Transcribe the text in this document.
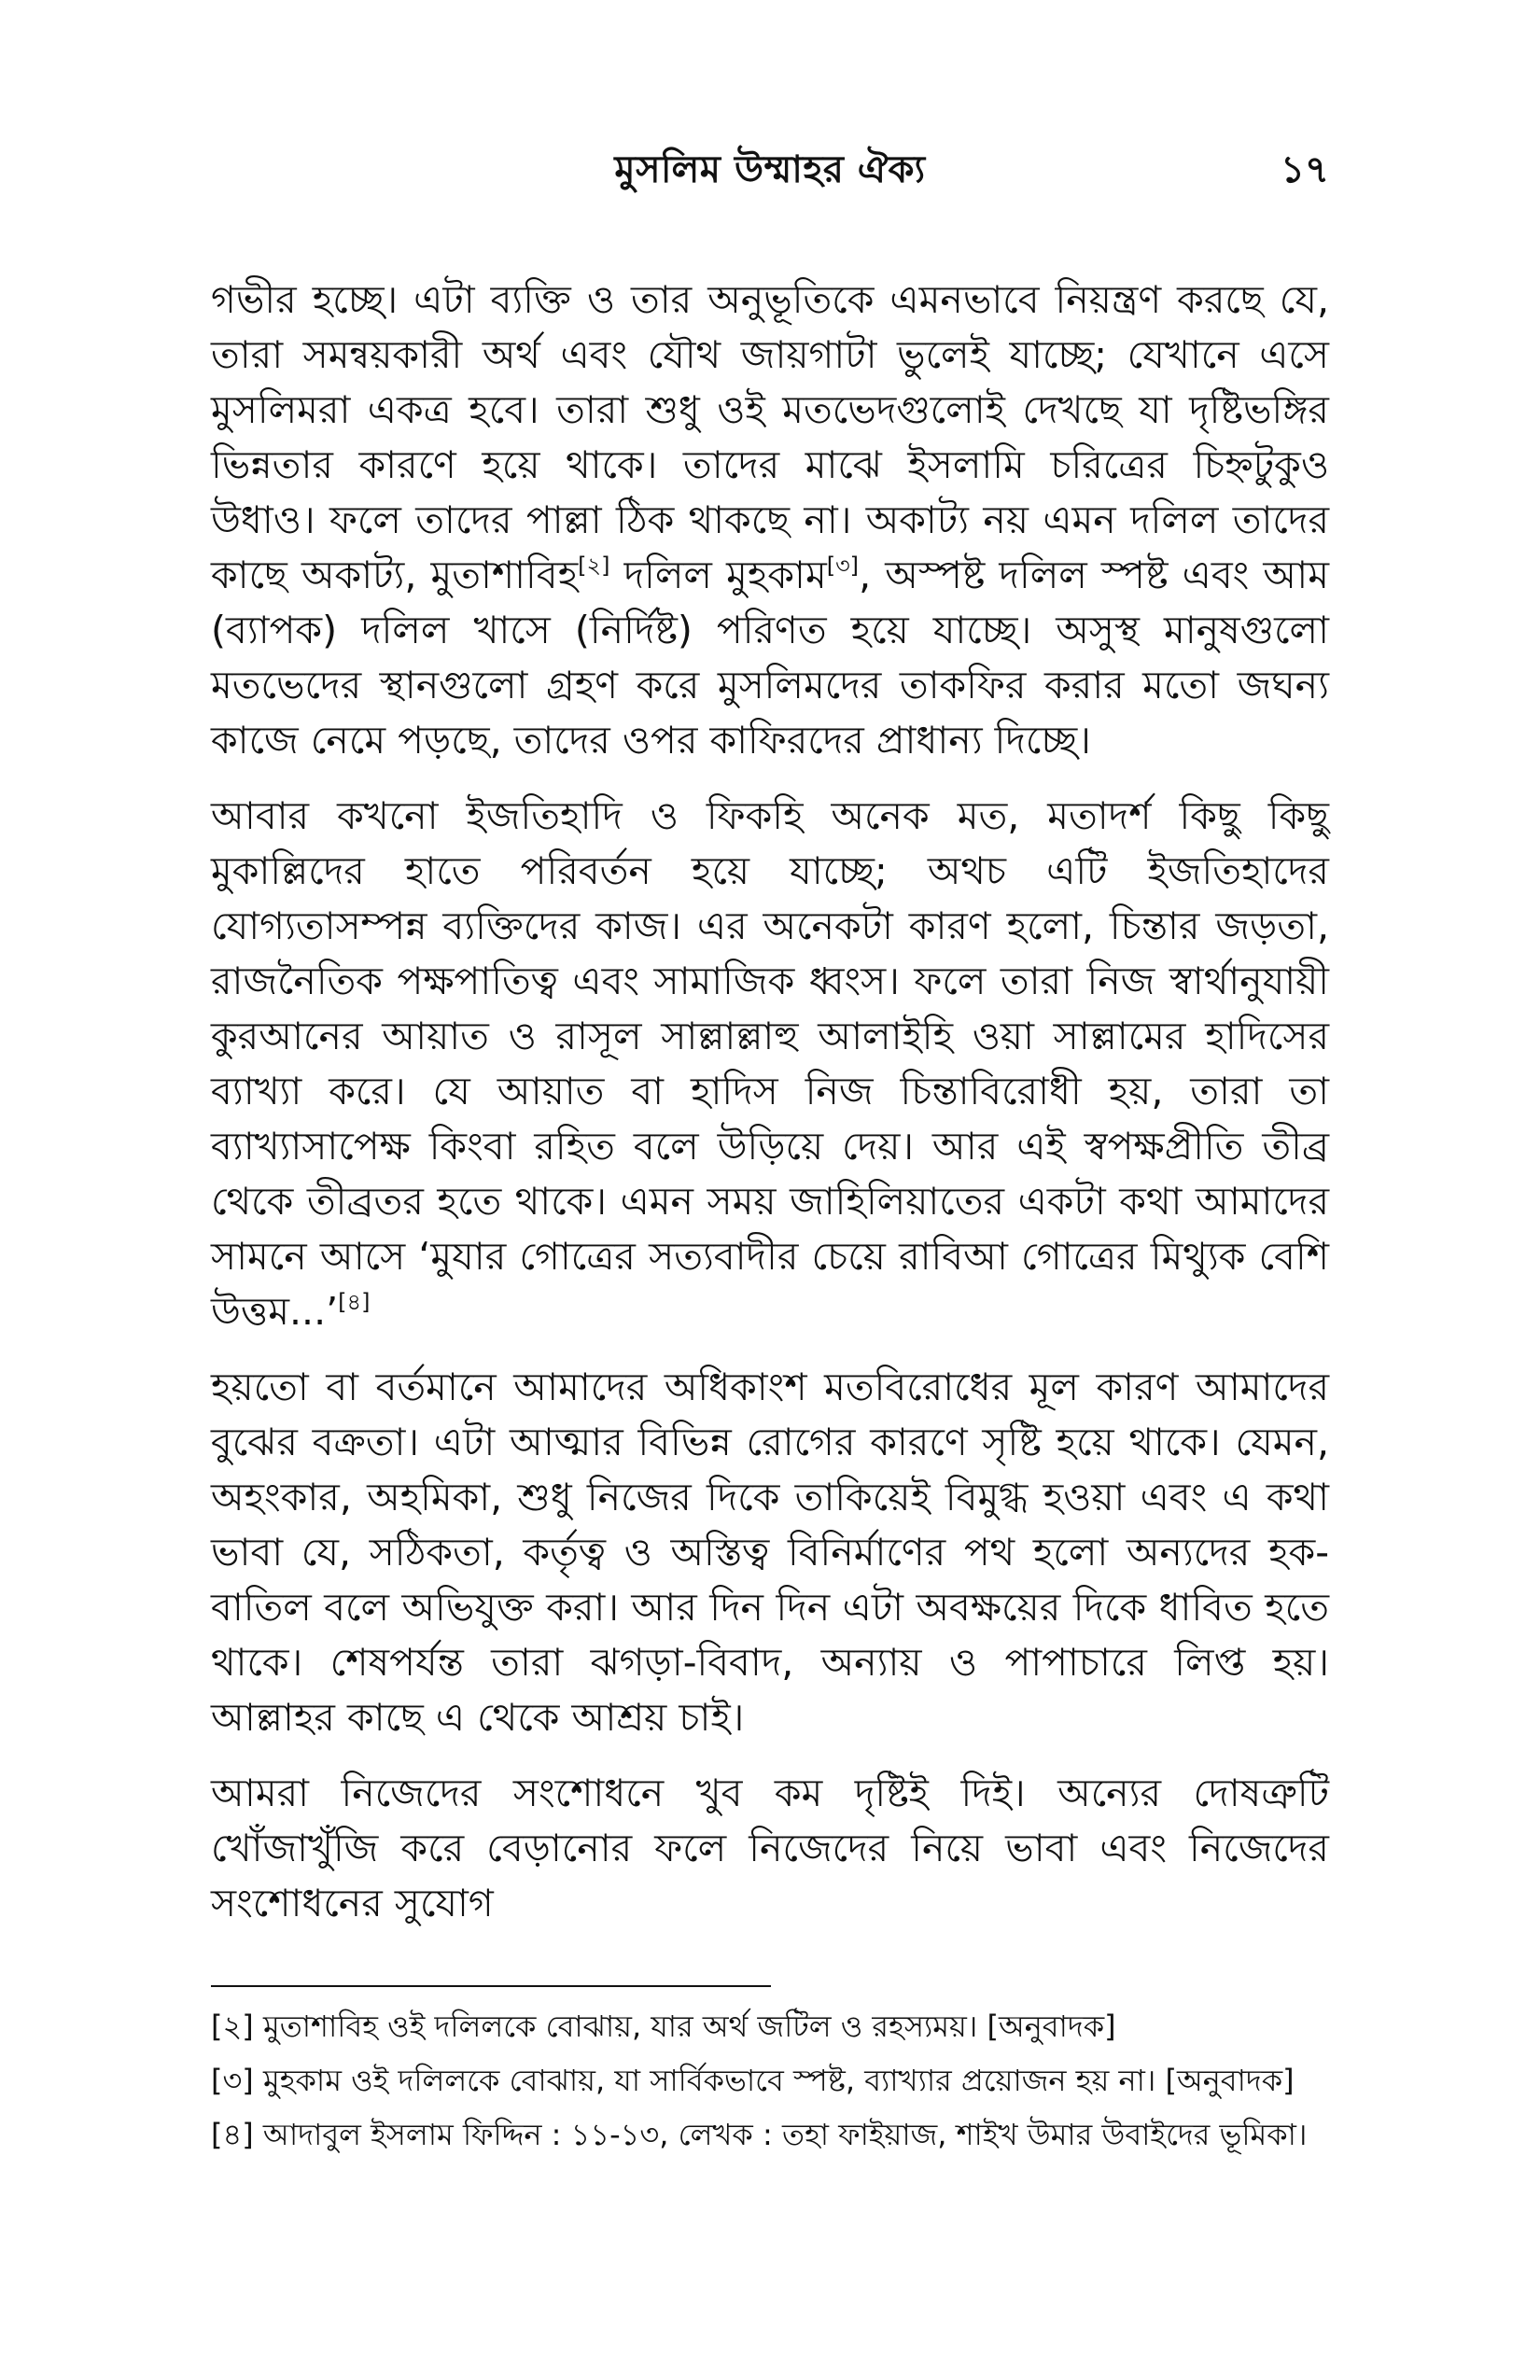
মুসলিম উম্মাহর ঐক্য	১৭

গভীর হচ্ছে। এটা ব্যক্তি ও তার অনুভূতিকে এমনভাবে নিয়ন্ত্রণ করছে যে, তারা সমন্বয়কারী অর্থ এবং যৌথ জায়গাটা ভুলেই যাচ্ছে; যেখানে এসে মুসলিমরা একত্র হবে। তারা শুধু ওই মতভেদগুলোই দেখছে যা দৃষ্টিভঙ্গির ভিন্নতার কারণে হয়ে থাকে। তাদের মাঝে ইসলামি চরিত্রের চিহ্নটুকুও উধাও। ফলে তাদের পাল্লা ঠিক থাকছে না। অকাট্য নয় এমন দলিল তাদের কাছে অকাট্য, মুতাশাবিহ[২] দলিল মুহকাম[৩], অস্পষ্ট দলিল স্পষ্ট এবং আম (ব্যাপক) দলিল খাসে (নির্দিষ্ট) পরিণত হয়ে যাচ্ছে। অসুস্থ মানুষগুলো মতভেদের স্থানগুলো গ্রহণ করে মুসলিমদের তাকফির করার মতো জঘন্য কাজে নেমে পড়ছে, তাদের ওপর কাফিরদের প্রাধান্য দিচ্ছে।

আবার কখনো ইজতিহাদি ও ফিকহি অনেক মত, মতাদর্শ কিছু কিছু মুকাল্লিদের হাতে পরিবর্তন হয়ে যাচ্ছে; অথচ এটি ইজতিহাদের যোগ্যতাসম্পন্ন ব্যক্তিদের কাজ। এর অনেকটা কারণ হলো, চিন্তার জড়তা, রাজনৈতিক পক্ষপাতিত্ব এবং সামাজিক ধ্বংস। ফলে তারা নিজ স্বার্থানুযায়ী কুরআনের আয়াত ও রাসূল সাল্লাল্লাহু আলাইহি ওয়া সাল্লামের হাদিসের ব্যাখ্যা করে। যে আয়াত বা হাদিস নিজ চিন্তাবিরোধী হয়, তারা তা ব্যাখ্যাসাপেক্ষ কিংবা রহিত বলে উড়িয়ে দেয়। আর এই স্বপক্ষপ্রীতি তীব্র থেকে তীব্রতর হতে থাকে। এমন সময় জাহিলিয়াতের একটা কথা আমাদের সামনে আসে ‘মুযার গোত্রের সত্যবাদীর চেয়ে রাবিআ গোত্রের মিথ্যুক বেশি উত্তম...’[৪]

হয়তো বা বর্তমানে আমাদের অধিকাংশ মতবিরোধের মূল কারণ আমাদের বুঝের বক্রতা। এটা আত্মার বিভিন্ন রোগের কারণে সৃষ্টি হয়ে থাকে। যেমন, অহংকার, অহমিকা, শুধু নিজের দিকে তাকিয়েই বিমুগ্ধ হওয়া এবং এ কথা ভাবা যে, সঠিকতা, কর্তৃত্ব ও অস্তিত্ব বিনির্মাণের পথ হলো অন্যদের হক-বাতিল বলে অভিযুক্ত করা। আর দিন দিন এটা অবক্ষয়ের দিকে ধাবিত হতে থাকে। শেষপর্যন্ত তারা ঝগড়া-বিবাদ, অন্যায় ও পাপাচারে লিপ্ত হয়। আল্লাহর কাছে এ থেকে আশ্রয় চাই।

আমরা নিজেদের সংশোধনে খুব কম দৃষ্টিই দিই। অন্যের দোষত্রুটি খোঁজাখুঁজি করে বেড়ানোর ফলে নিজেদের নিয়ে ভাবা এবং নিজেদের সংশোধনের সুযোগ

[২] মুতাশাবিহ ওই দলিলকে বোঝায়, যার অর্থ জটিল ও রহস্যময়। [অনুবাদক]

[৩] মুহকাম ওই দলিলকে বোঝায়, যা সার্বিকভাবে স্পষ্ট, ব্যাখ্যার প্রয়োজন হয় না। [অনুবাদক]

[৪] আদাবুল ইসলাম ফিদ্দিন : ১১-১৩, লেখক : তহা ফাইয়াজ, শাইখ উমার উবাইদের ভূমিকা।
